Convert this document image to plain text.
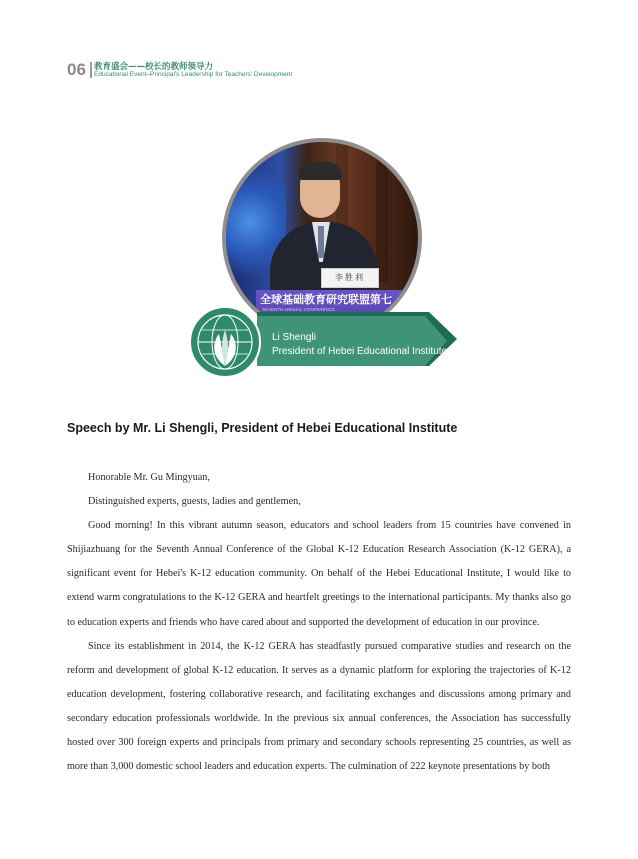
06 教育盛会——校长的教师领导力
Educational Event–Principal's Leadership for Teachers' Development
全球基础教育研究联盟第七
SEVENTH ANNUAL CONFERENCE
李胜利
Li Shengli
President of Hebei Educational Institute
Speech by Mr. Li Shengli, President of Hebei Educational Institute

Honorable Mr. Gu Mingyuan,

Distinguished experts, guests, ladies and gentlemen,

Good morning! In this vibrant autumn season, educators and school leaders from 15 countries have convened in Shijiazhuang for the Seventh Annual Conference of the Global K-12 Education Research Association (K-12 GERA), a significant event for Hebei's K-12 education community. On behalf of the Hebei Educational Institute, I would like to extend warm congratulations to the K-12 GERA and heartfelt greetings to the international participants. My thanks also go to education experts and friends who have cared about and supported the development of education in our province.

Since its establishment in 2014, the K-12 GERA has steadfastly pursued comparative studies and research on the reform and development of global K-12 education. It serves as a dynamic platform for exploring the trajectories of K-12 education development, fostering collaborative research, and facilitating exchanges and discussions among primary and secondary education professionals worldwide. In the previous six annual conferences, the Association has successfully hosted over 300 foreign experts and principals from primary and secondary schools representing 25 countries, as well as more than 3,000 domestic school leaders and education experts. The culmination of 222 keynote presentations by both
